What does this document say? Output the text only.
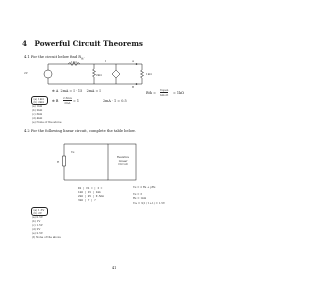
4 Powerful Circuit Theorems
4.1 For the circuit below find $R_{th}$.
2V
1kΩ
2kΩ
I	A
B
1kΩ
⊕ A 2mA = I · 15 2mA = I	Rth =
Vopen
Ishort = 1kΩ
(a) 1kΩ
(b) 2kΩ ⊕ B
2.5mA
2mA = 1	2mA · 1 = 0.5
(a) 1kΩ
(b) 2kΩ
(c) 3kΩ
(d) 4kΩ
(e) None of the above
4.2 For the following linear circuit, complete the table below.
R
Vs
Resistive
Linear
Circuit
R1 | V1 = | I =
1kΩ | 1V | 1mA
2kΩ | 2V | 0.5mA
3kΩ | ? | ?
Vs = 2 Rs + pRs
Vs = 3
Rs = 1kΩ
V₃ₖ = 3(1 / 1+1) = 1.5V
(a) 1.5V
(b) 2V
(a) 0.5V
(b) 1V
(c) 1.5V
(d) 2V
(e) 2.5V
(f) None of the above
41
